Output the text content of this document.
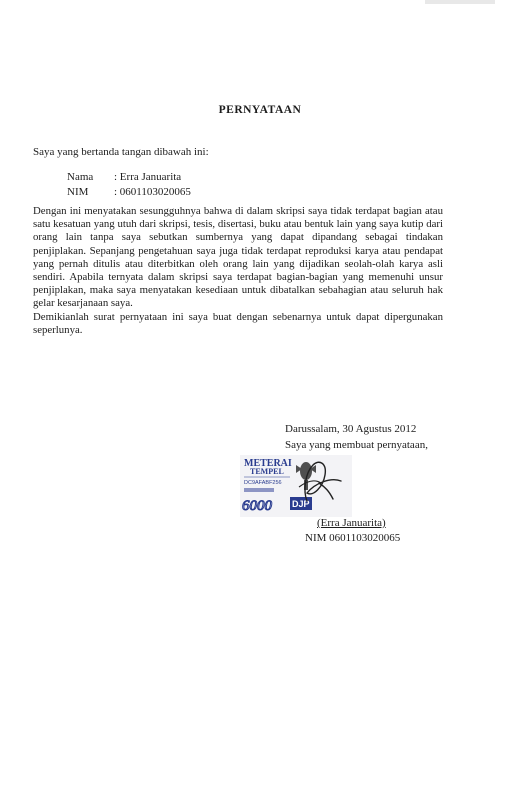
PERNYATAAN
Saya yang bertanda tangan dibawah ini:
Nama : Erra Januarita
NIM : 0601103020065

Dengan ini menyatakan sesungguhnya bahwa di dalam skripsi saya tidak terdapat bagian atau satu kesatuan yang utuh dari skripsi, tesis, disertasi, buku atau bentuk lain yang saya kutip dari orang lain tanpa saya sebutkan sumbernya yang dapat dipandang sebagai tindakan penjiplakan. Sepanjang pengetahuan saya juga tidak terdapat reproduksi karya atau pendapat yang pernah ditulis atau diterbitkan oleh orang lain yang dijadikan seolah-olah karya asli sendiri. Apabila ternyata dalam skripsi saya terdapat bagian-bagian yang memenuhi unsur penjiplakan, maka saya menyatakan kesediaan untuk dibatalkan sebahagian atau seluruh hak gelar kesarjanaan saya.

Demikianlah surat pernyataan ini saya buat dengan sebenarnya untuk dapat dipergunakan seperlunya.

Darussalam, 30 Agustus 2012
Saya yang membuat pernyataan,
METERAI
TEMPEL
DC9AFABF256
6000 DJP
(Erra Januarita)
NIM 0601103020065
